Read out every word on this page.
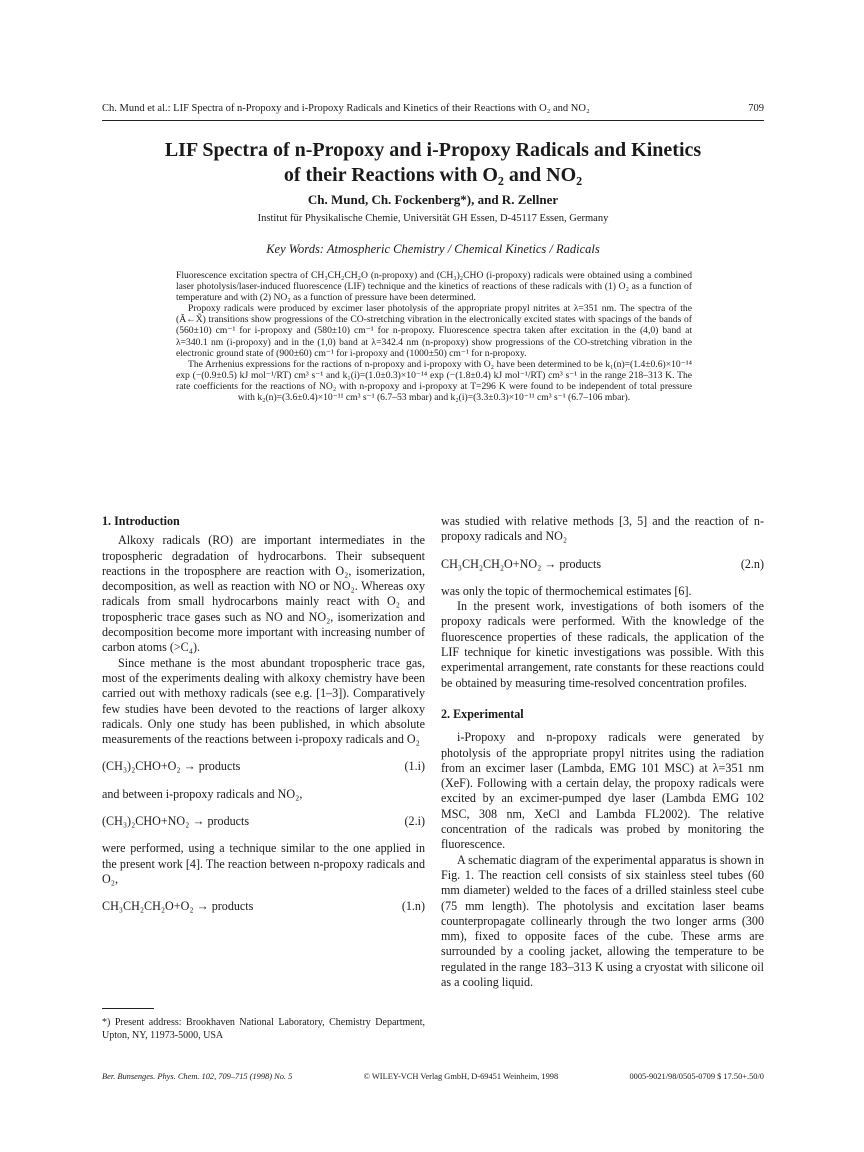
Ch. Mund et al.: LIF Spectra of n-Propoxy and i-Propoxy Radicals and Kinetics of their Reactions with O₂ and NO₂	709
LIF Spectra of n-Propoxy and i-Propoxy Radicals and Kinetics
of their Reactions with O₂ and NO₂
Ch. Mund, Ch. Fockenberg*), and R. Zellner
Institut für Physikalische Chemie, Universität GH Essen, D-45117 Essen, Germany
Key Words: Atmospheric Chemistry / Chemical Kinetics / Radicals

Fluorescence excitation spectra of CH₃CH₂CH₂O (n-propoxy) and (CH₃)₂CHO (i-propoxy) radicals were obtained using a combined laser photolysis/laser-induced fluorescence (LIF) technique and the kinetics of reactions of these radicals with (1) O₂ as a function of temperature and with (2) NO₂ as a function of pressure have been determined.

Propoxy radicals were produced by excimer laser photolysis of the appropriate propyl nitrites at λ=351 nm. The spectra of the (Ã←X̃) transitions show progressions of the CO-stretching vibration in the electronically excited states with spacings of the bands of (560±10) cm⁻¹ for i-propoxy and (580±10) cm⁻¹ for n-propoxy. Fluorescence spectra taken after excitation in the (4,0) band at λ=340.1 nm (i-propoxy) and in the (1,0) band at λ=342.4 nm (n-propoxy) show progressions of the CO-stretching vibration in the electronic ground state of (900±60) cm⁻¹ for i-propoxy and (1000±50) cm⁻¹ for n-propoxy.

The Arrhenius expressions for the ractions of n-propoxy and i-propoxy with O₂ have been determined to be k₁(n)=(1.4±0.6)×10⁻¹⁴ exp (−(0.9±0.5) kJ mol⁻¹/RT) cm³ s⁻¹ and k₁(i)=(1.0±0.3)×10⁻¹⁴ exp (−(1.8±0.4) kJ mol⁻¹/RT) cm³ s⁻¹ in the range 218–313 K. The rate coefficients for the reactions of NO₂ with n-propoxy and i-propoxy at T=296 K were found to be independent of total pressure with k₂(n)=(3.6±0.4)×10⁻¹¹ cm³ s⁻¹ (6.7–53 mbar) and k₂(i)=(3.3±0.3)×10⁻¹¹ cm³ s⁻¹ (6.7–106 mbar).

1. Introduction

Alkoxy radicals (RO) are important intermediates in the tropospheric degradation of hydrocarbons. Their subsequent reactions in the troposphere are reaction with O₂, isomerization, decomposition, as well as reaction with NO or NO₂. Whereas oxy radicals from small hydrocarbons mainly react with O₂ and tropospheric trace gases such as NO and NO₂, isomerization and decomposition become more important with increasing number of carbon atoms (>C₄).

Since methane is the most abundant tropospheric trace gas, most of the experiments dealing with alkoxy chemistry have been carried out with methoxy radicals (see e.g. [1–3]). Comparatively few studies have been devoted to the reactions of larger alkoxy radicals. Only one study has been published, in which absolute measurements of the reactions between i-propoxy radicals and O₂

(CH₃)₂CHO+O₂ → products	(1.i)

and between i-propoxy radicals and NO₂,

(CH₃)₂CHO+NO₂ → products	(2.i)

were performed, using a technique similar to the one applied in the present work [4]. The reaction between n-propoxy radicals and O₂,

CH₃CH₂CH₂O+O₂ → products	(1.n)

*) Present address: Brookhaven National Laboratory, Chemistry Department, Upton, NY, 11973-5000, USA

was studied with relative methods [3, 5] and the reaction of n-propoxy radicals and NO₂

CH₃CH₂CH₂O+NO₂ → products	(2.n)

was only the topic of thermochemical estimates [6].

In the present work, investigations of both isomers of the propoxy radicals were performed. With the knowledge of the fluorescence properties of these radicals, the application of the LIF technique for kinetic investigations was possible. With this experimental arrangement, rate constants for these reactions could be obtained by measuring time-resolved concentration profiles.

2. Experimental

i-Propoxy and n-propoxy radicals were generated by photolysis of the appropriate propyl nitrites using the radiation from an excimer laser (Lambda, EMG 101 MSC) at λ=351 nm (XeF). Following with a certain delay, the propoxy radicals were excited by an excimer-pumped dye laser (Lambda EMG 102 MSC, 308 nm, XeCl and Lambda FL2002). The relative concentration of the radicals was probed by monitoring the fluorescence.

A schematic diagram of the experimental apparatus is shown in Fig. 1. The reaction cell consists of six stainless steel tubes (60 mm diameter) welded to the faces of a drilled stainless steel cube (75 mm length). The photolysis and excitation laser beams counterpropagate collinearly through the two longer arms (300 mm), fixed to opposite faces of the cube. These arms are surrounded by a cooling jacket, allowing the temperature to be regulated in the range 183–313 K using a cryostat with silicone oil as a cooling liquid.

Ber. Bunsenges. Phys. Chem. 102, 709–715 (1998) No. 5	© WILEY-VCH Verlag GmbH, D-69451 Weinheim, 1998	0005-9021/98/0505-0709 $ 17.50+.50/0
